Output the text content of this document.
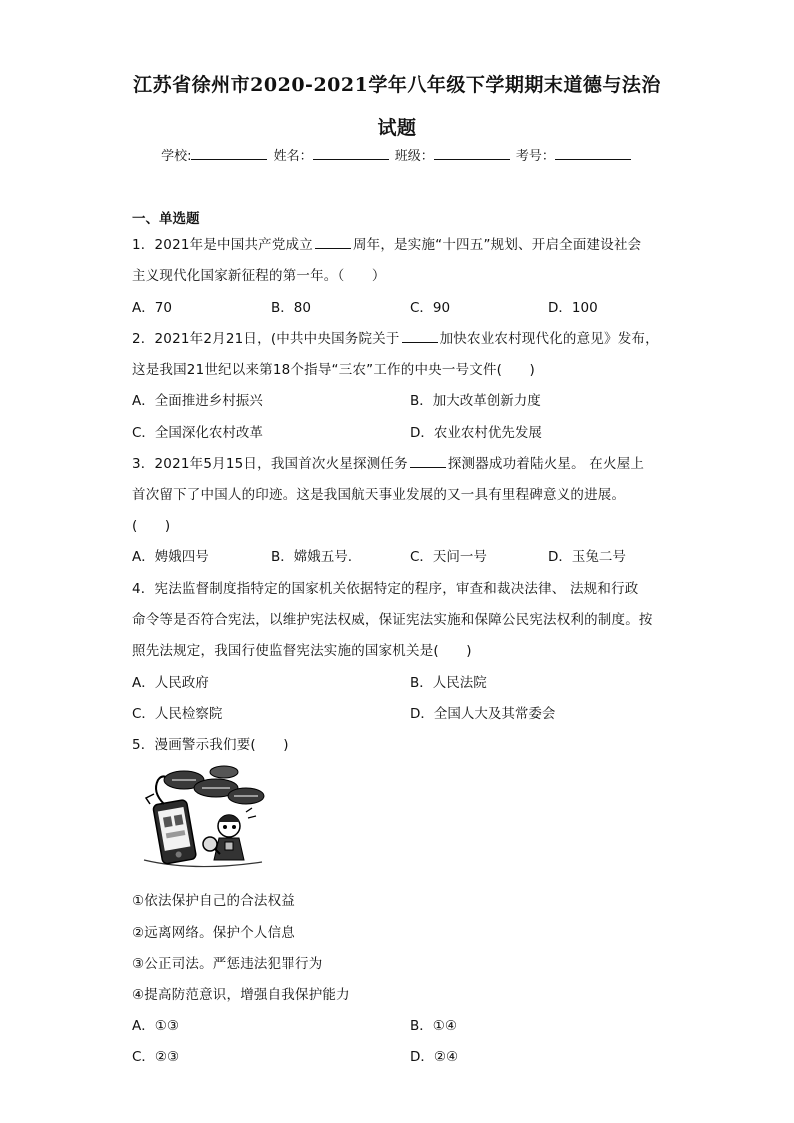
江苏省徐州市2020-2021学年八年级下学期期末道德与法治
试题
学校:	姓名：	班级：	考号：
一、单选题
1．2021年是中国共产党成立	周年，是实施“十四五”规划、开启全面建设社会
主义现代化国家新征程的第一年。（　　）
A．70	B．80	C．90	D．100
2．2021年2月21日，(中共中央国务院关于	加快农业农村现代化的意见》发布，
这是我国21世纪以来第18个指导“三农”工作的中央一号文件(　　)
A．全面推进乡村振兴	B．加大改革创新力度
C．全国深化农村改革	D．农业农村优先发展
3．2021年5月15日，我国首次火星探测任务	探测器成功着陆火星。 在火屋上
首次留下了中国人的印迹。这是我国航天事业发展的又一具有里程碑意义的进展。
(　　)
A．娉娥四号	B．嫦娥五号.	C．天问一号	D．玉兔二号
4．宪法监督制度指特定的国家机关依据特定的程序，审查和裁决法律、 法规和行政
命令等是否符合宪法，以维护宪法权威，保证宪法实施和保障公民宪法权利的制度。按
照先法规定，我国行使监督宪法实施的国家机关是(　　)
A．人民政府	B．人民法院
C．人民检察院	D．全国人大及其常委会
5．漫画警示我们要(　　)
①依法保护自己的合法权益
②远离网络。保护个人信息
③公正司法。严惩违法犯罪行为
④提高防范意识，增强自我保护能力
A．①③	B．①④
C．②③	D．②④
